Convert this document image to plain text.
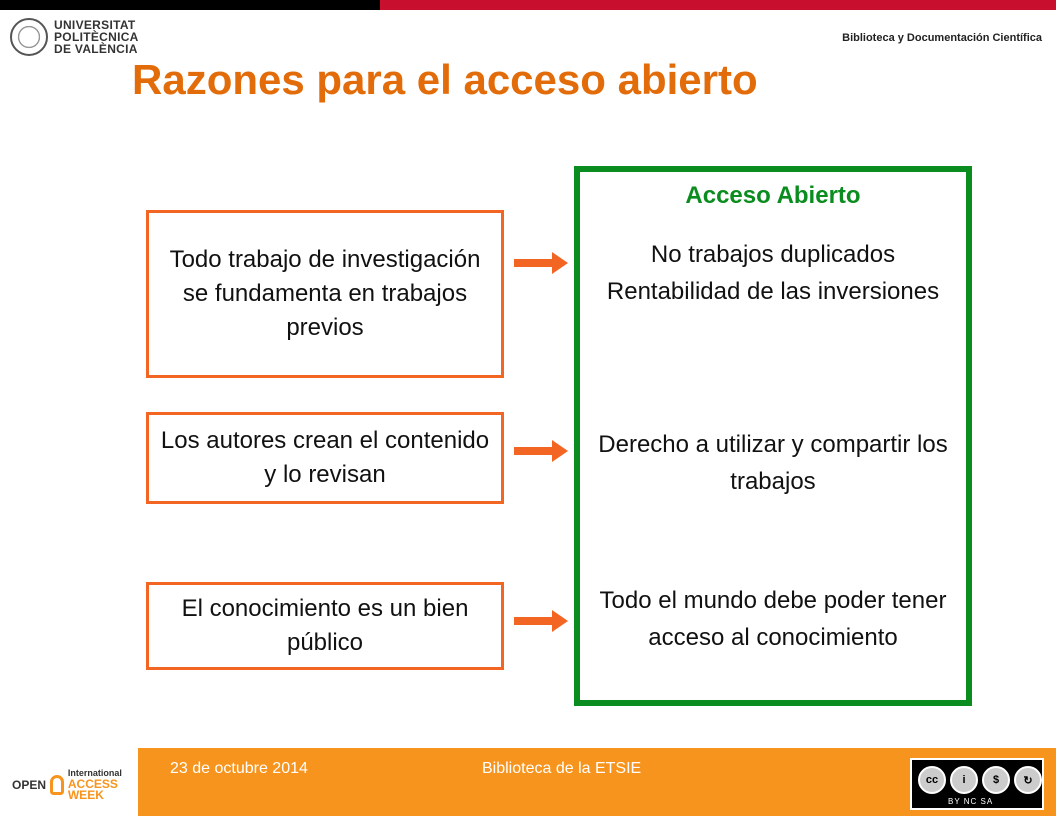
UNIVERSITAT
POLITÈCNICA
DE VALÈNCIA
Biblioteca y Documentación Científica
Razones para el acceso abierto
Todo trabajo de investigación se fundamenta en trabajos previos
Los autores crean el contenido y lo revisan
El conocimiento es un bien público
Acceso Abierto
No trabajos duplicados Rentabilidad de las inversiones
Derecho a utilizar y compartir los trabajos
Todo el mundo debe poder tener acceso al conocimiento
OPEN
International
ACCESS WEEK
23 de octubre 2014	Biblioteca de la ETSIE
cc	i	$	↻
BY NC SA
